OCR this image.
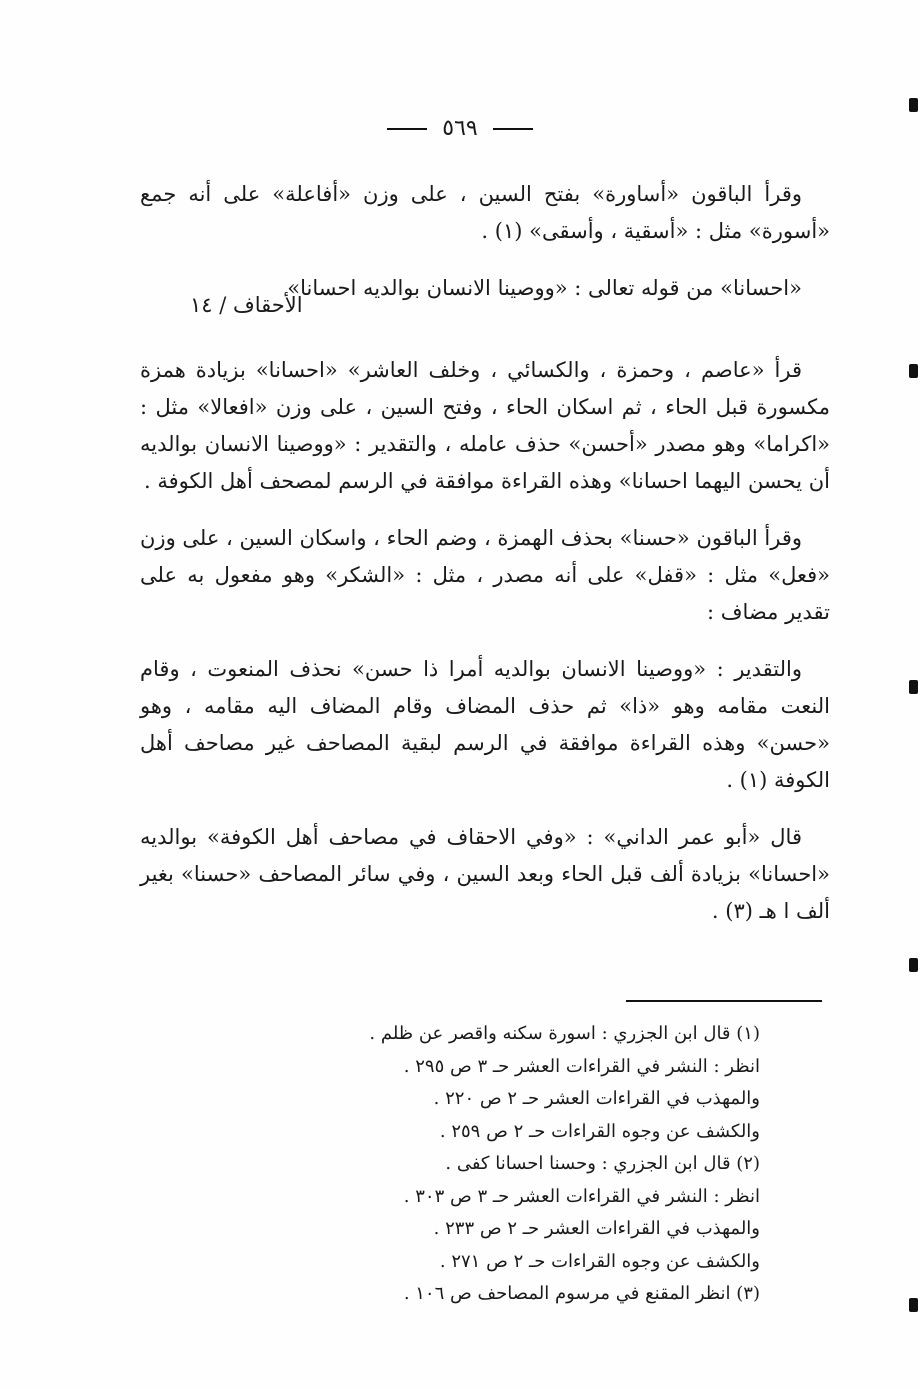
٥٦٩

وقرأ الباقون «أساورة» بفتح السين ، على وزن «أفاعلة» على أنه جمع «أسورة» مثل : «أسقية ، وأسقى» (١) .

«احسانا» من قوله تعالى : «ووصينا الانسان بوالديه احسانا»

الأحقاف / ١٤

قرأ «عاصم ، وحمزة ، والكسائي ، وخلف العاشر» «احسانا» بزيادة همزة مكسورة قبل الحاء ، ثم اسكان الحاء ، وفتح السين ، على وزن «افعالا» مثل : «اكراما» وهو مصدر «أحسن» حذف عامله ، والتقدير : «ووصينا الانسان بوالديه أن يحسن اليهما احسانا» وهذه القراءة موافقة في الرسم لمصحف أهل الكوفة .

وقرأ الباقون «حسنا» بحذف الهمزة ، وضم الحاء ، واسكان السين ، على وزن «فعل» مثل : «قفل» على أنه مصدر ، مثل : «الشكر» وهو مفعول به على تقدير مضاف :

والتقدير : «ووصينا الانسان بوالديه أمرا ذا حسن» نحذف المنعوت ، وقام النعت مقامه وهو «ذا» ثم حذف المضاف وقام المضاف اليه مقامه ، وهو «حسن» وهذه القراءة موافقة في الرسم لبقية المصاحف غير مصاحف أهل الكوفة (١) .

قال «أبو عمر الداني» : «وفي الاحقاف في مصاحف أهل الكوفة» بوالديه «احسانا» بزيادة ألف قبل الحاء وبعد السين ، وفي سائر المصاحف «حسنا» بغير ألف ا هـ (٣) .

(١) قال ابن الجزري : اسورة سكنه واقصر عن ظلم .
انظر : النشر في القراءات العشر حـ ٣ ص ٢٩٥ .
والمهذب في القراءات العشر حـ ٢ ص ٢٢٠ .
والكشف عن وجوه القراءات حـ ٢ ص ٢٥٩ .
(٢) قال ابن الجزري : وحسنا احسانا كفى .
انظر : النشر في القراءات العشر حـ ٣ ص ٣٠٣ .
والمهذب في القراءات العشر حـ ٢ ص ٢٣٣ .
والكشف عن وجوه القراءات حـ ٢ ص ٢٧١ .
(٣) انظر المقنع في مرسوم المصاحف ص ١٠٦ .
